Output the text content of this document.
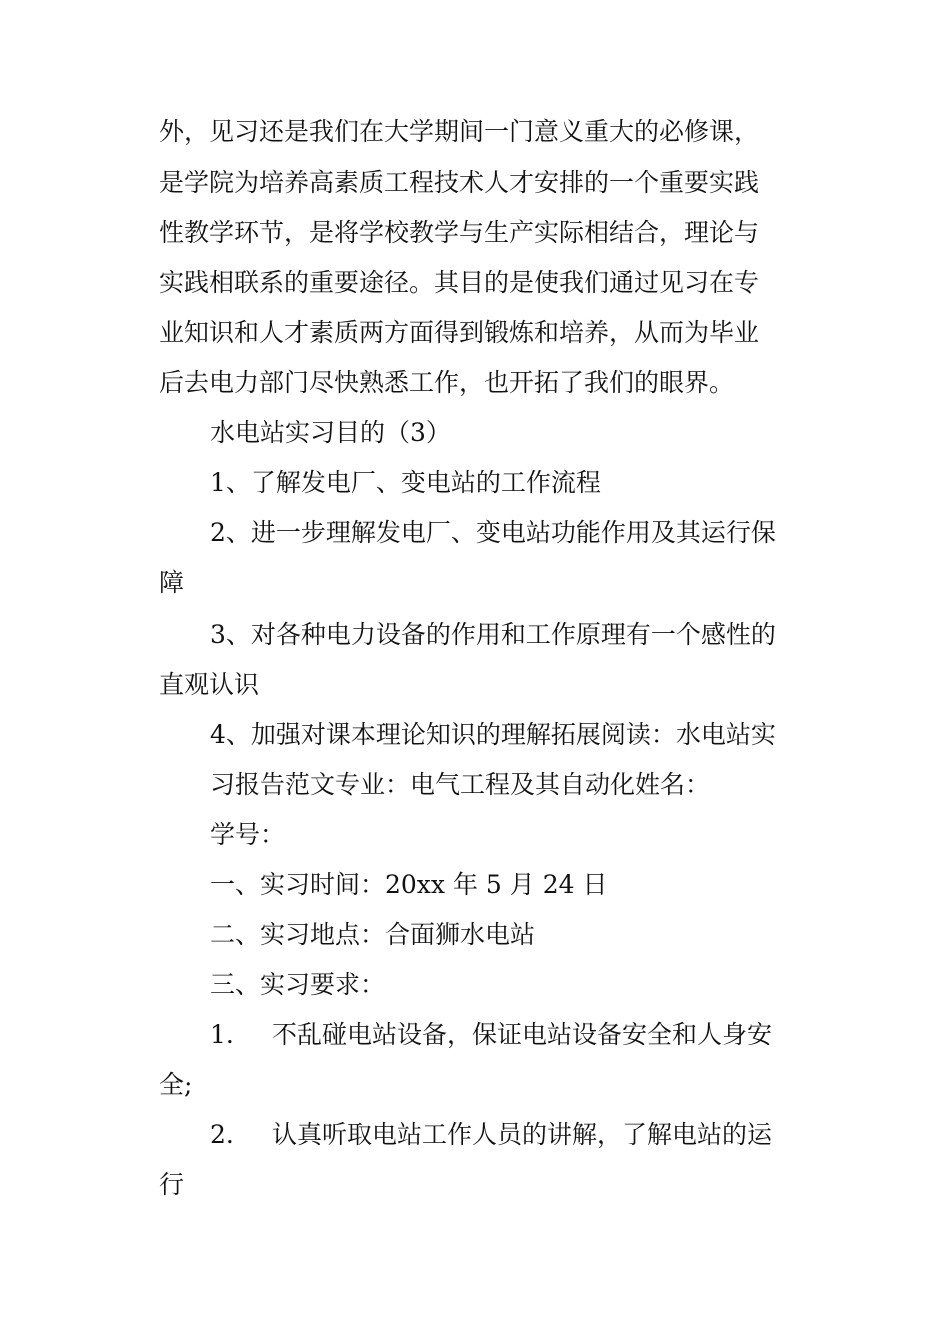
外，见习还是我们在大学期间一门意义重大的必修课，
是学院为培养高素质工程技术人才安排的一个重要实践
性教学环节，是将学校教学与生产实际相结合，理论与
实践相联系的重要途径。其目的是使我们通过见习在专
业知识和人才素质两方面得到锻炼和培养，从而为毕业
后去电力部门尽快熟悉工作，也开拓了我们的眼界。
水电站实习目的（3）
1、了解发电厂、变电站的工作流程
2、进一步理解发电厂、变电站功能作用及其运行保
障
3、对各种电力设备的作用和工作原理有一个感性的
直观认识
4、加强对课本理论知识的理解拓展阅读：水电站实
习报告范文专业：电气工程及其自动化姓名：
学号：
一、实习时间：20xx 年 5 月 24 日
二、实习地点：合面狮水电站
三、实习要求：
1. 不乱碰电站设备，保证电站设备安全和人身安
全;
2. 认真听取电站工作人员的讲解，了解电站的运
行
